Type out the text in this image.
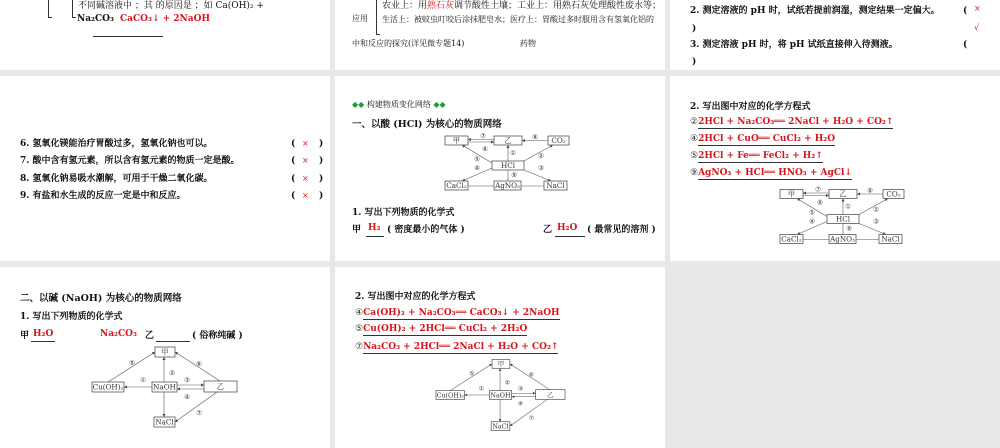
不同碱溶液中 ；其 的原因是 ；如 Ca(OH)₂ +
Na₂CO₃ CaCO₃↓ + 2NaOH
农业上：用熟石灰调节酸性土壤；工业上：用熟石灰处理酸性废水等；
应用 生活上：被蚊虫叮咬后涂抹肥皂水；医疗上：胃酸过多时服用含有氢氧化铝的
中和反应的探究(详见微专题14)	药物
2. 测定溶液的 pH 时，试纸若提前润湿，测定结果一定偏大。	( ×
)	√
3. 测定溶液 pH 时，将 pH 试纸直接伸入待测液。	(
)
6. 氢氧化镁能治疗胃酸过多，氢氧化钠也可以。	( × )
7. 酸中含有氢元素，所以含有氢元素的物质一定是酸。	( × )
8. 氢氧化钠易吸水潮解，可用于干燥二氧化碳。	( × )
9. 有盐和水生成的反应一定是中和反应。	( × )
◆◆ 构建物质变化网络 ◆◆
一、以酸 (HCl) 为核心的物质网络
甲	乙	CO₂
HCl
CaCl₂	AgNO₃	NaCl
⑦
⑥
⑧
①	②
③
⑤
④
⑨
1. 写出下列物质的化学式
甲 H₂ ( 密度最小的气体 )	乙 H₂O ( 最常见的溶剂 )
2. 写出图中对应的化学方程式
②2HCl + Na₂CO₃══ 2NaCl + H₂O + CO₂↑
④2HCl + CuO══ CuCl₂ + H₂O
⑤2HCl + Fe══ FeCl₂ + H₂↑
⑨AgNO₃ + HCl══ HNO₃ + AgCl↓
甲	乙	CO₂
HCl
CaCl₂	AgNO₃	NaCl
⑦
⑥
⑧
①	②
③
⑤
④
⑨
二、以碱 (NaOH) 为核心的物质网络
1. 写出下列物质的化学式
甲 H₂O	Na₂CO₃ 乙	( 俗称纯碱 )
甲
Cu(OH)₂	NaOH	乙
NaCl
⑤
②
⑥
①	③
④
⑦
2. 写出图中对应的化学方程式
④Ca(OH)₂ + Na₂CO₃══ CaCO₃↓ + 2NaOH
⑤Cu(OH)₂ + 2HCl══ CuCl₂ + 2H₂O
⑦Na₂CO₃ + 2HCl══ 2NaCl + H₂O + CO₂↑
甲
Cu(OH)₂	NaOH	乙
NaCl
⑤
②
⑥
①	③
④
⑦
